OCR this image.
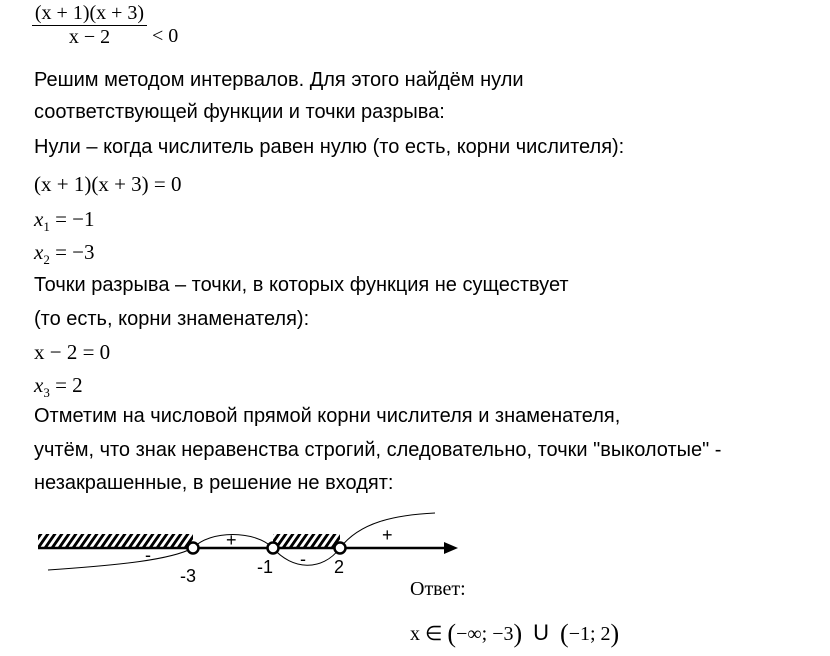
(x + 1)(x + 3)
x − 2 < 0
Решим методом интервалов. Для этого найдём нули
соответствующей функции и точки разрыва:
Нули – когда числитель равен нулю (то есть, корни числителя):
(x + 1)(x + 3) = 0
$x_1 = -1$
$x_2 = -3$
Точки разрыва – точки, в которых функция не существует
(то есть, корни знаменателя):
x − 2 = 0
$x_3 = 2$
Отметим на числовой прямой корни числителя и знаменателя,
учтём, что знак неравенства строгий, следовательно, точки "выколотые" -
незакрашенные, в решение не входят:
-
+
-
+
-3	-1	2
Ответ:
x ∈ (−∞; −3) U (−1; 2)
